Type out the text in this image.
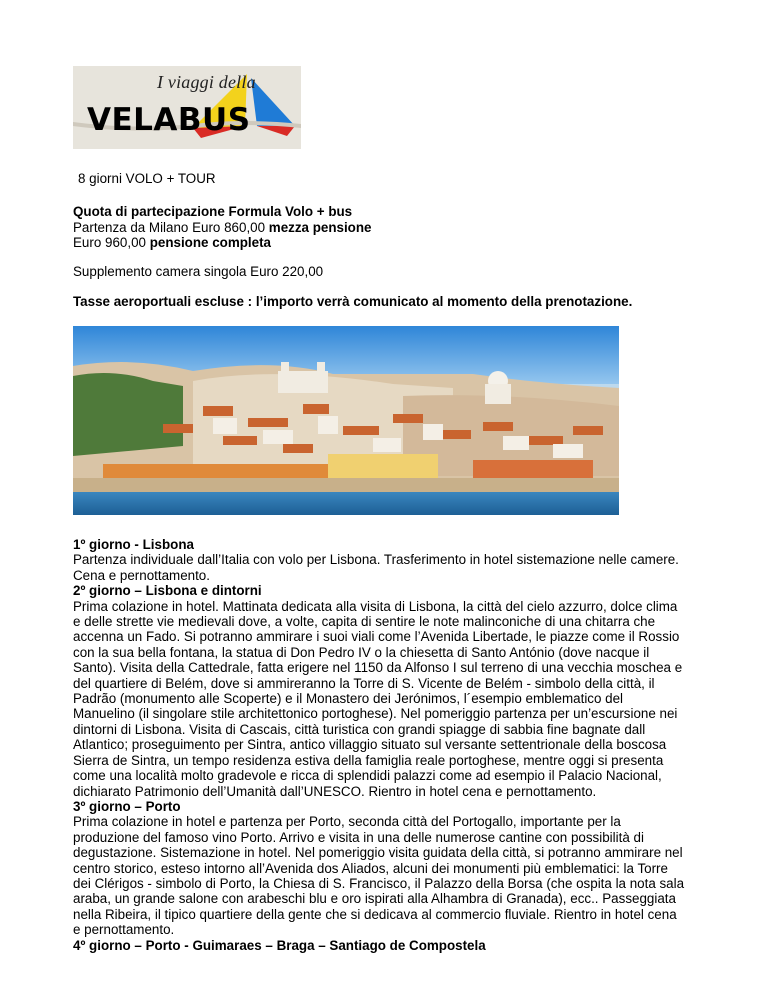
I viaggi della
VELABUS
8 giorni VOLO + TOUR
Quota di partecipazione Formula Volo + bus
Partenza da Milano Euro 860,00 mezza pensione
Euro 960,00 pensione completa
Supplemento camera singola Euro 220,00
Tasse aeroportuali escluse : l’importo verrà comunicato al momento della prenotazione.

1º giorno - Lisbona

Partenza individuale dall’Italia con volo per Lisbona. Trasferimento in hotel sistemazione nelle camere.

Cena e pernottamento.

2º giorno – Lisbona e dintorni

Prima colazione in hotel. Mattinata dedicata alla visita di Lisbona, la città del cielo azzurro, dolce clima

e delle strette vie medievali dove, a volte, capita di sentire le note malinconiche di una chitarra che

accenna un Fado. Si potranno ammirare i suoi viali come l’Avenida Libertade, le piazze come il Rossio

con la sua bella fontana, la statua di Don Pedro IV o la chiesetta di Santo António (dove nacque il

Santo). Visita della Cattedrale, fatta erigere nel 1150 da Alfonso I sul terreno di una vecchia moschea e

del quartiere di Belém, dove si ammireranno la Torre di S. Vicente de Belém - simbolo della città, il

Padrão (monumento alle Scoperte) e il Monastero dei Jerónimos, l´esempio emblematico del

Manuelino (il singolare stile architettonico portoghese). Nel pomeriggio partenza per un’escursione nei

dintorni di Lisbona. Visita di Cascais, città turistica con grandi spiagge di sabbia fine bagnate dall

Atlantico; proseguimento per Sintra, antico villaggio situato sul versante settentrionale della boscosa

Sierra de Sintra, un tempo residenza estiva della famiglia reale portoghese, mentre oggi si presenta

come una località molto gradevole e ricca di splendidi palazzi come ad esempio il Palacio Nacional,

dichiarato Patrimonio dell’Umanità dall’UNESCO. Rientro in hotel cena e pernottamento.

3º giorno – Porto

Prima colazione in hotel e partenza per Porto, seconda città del Portogallo, importante per la

produzione del famoso vino Porto. Arrivo e visita in una delle numerose cantine con possibilità di

degustazione. Sistemazione in hotel. Nel pomeriggio visita guidata della città, si potranno ammirare nel

centro storico, esteso intorno all’Avenida dos Aliados, alcuni dei monumenti più emblematici: la Torre

dei Clérigos - simbolo di Porto, la Chiesa di S. Francisco, il Palazzo della Borsa (che ospita la nota sala

araba, un grande salone con arabeschi blu e oro ispirati alla Alhambra di Granada), ecc.. Passeggiata

nella Ribeira, il tipico quartiere della gente che si dedicava al commercio fluviale. Rientro in hotel cena

e pernottamento.

4º giorno – Porto - Guimaraes – Braga – Santiago de Compostela
